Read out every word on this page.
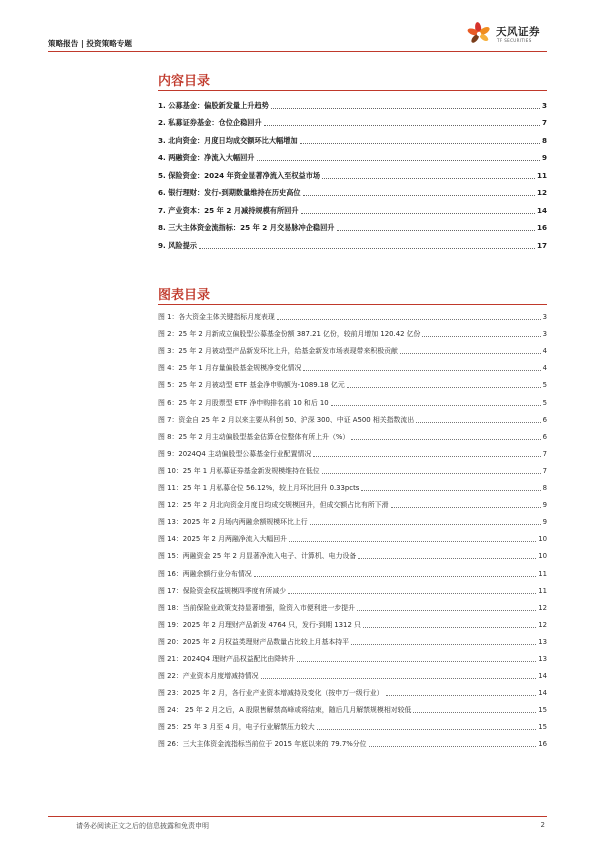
策略报告 | 投资策略专题
天风证券
TF SECURITIES
内容目录
1. 公募基金：偏股新发量上升趋势	3
2. 私募证券基金：仓位企稳回升	7
3. 北向资金：月度日均成交额环比大幅增加	8
4. 两融资金：净流入大幅回升	9
5. 保险资金：2024 年资金显著净流入至权益市场	11
6. 银行理财：发行-到期数量维持在历史高位	12
7. 产业资本：25 年 2 月减持规模有所回升	14
8. 三大主体资金流指标：25 年 2 月交易脉冲企稳回升	16
9. 风险提示	17
图表目录
图 1：各大资金主体关键指标月度表现	3
图 2：25 年 2 月新成立偏股型公募基金份额 387.21 亿份，较前月增加 120.42 亿份	3
图 3：25 年 2 月被动型产品新发环比上升，给基金新发市场表现带来积极贡献	4
图 4：25 年 1 月存量偏股基金规模净变化情况	4
图 5：25 年 2 月被动型 ETF 基金净申购额为-1089.18 亿元	5
图 6：25 年 2 月股票型 ETF 净申购排名前 10 和后 10	5
图 7：资金自 25 年 2 月以来主要从科创 50、沪深 300、中证 A500 相关指数流出	6
图 8：25 年 2 月主动偏股型基金估算仓位整体有所上升（%）	6
图 9：2024Q4 主动偏股型公募基金行业配置情况	7
图 10：25 年 1 月私募证券基金新发规模维持在低位	7
图 11：25 年 1 月私募仓位 56.12%，较上月环比回升 0.33pcts	8
图 12：25 年 2 月北向资金月度日均成交规模回升，但成交额占比有所下滑	9
图 13：2025 年 2 月场内两融余额规模环比上行	9
图 14：2025 年 2 月两融净流入大幅回升	10
图 15：两融资金 25 年 2 月显著净流入电子、计算机、电力设备	10
图 16：两融余额行业分布情况	11
图 17：保险资金权益规模四季度有所减少	11
图 18：当前保险业政策支持显著增强，险资入市便利进一步提升	12
图 19：2025 年 2 月理财产品新发 4764 只，发行-到期 1312 只	12
图 20：2025 年 2 月权益类理财产品数量占比较上月基本持平	13
图 21：2024Q4 理财产品权益配比由降转升	13
图 22：产业资本月度增减持情况	14
图 23：2025 年 2 月，各行业产业资本增减持及变化（按申万一级行业）	14
图 24： 25 年 2 月之后，A 股限售解禁高峰或将结束，随后几月解禁规模相对较低	15
图 25：25 年 3 月至 4 月，电子行业解禁压力较大	15
图 26：三大主体资金流指标当前位于 2015 年底以来的 79.7%分位	16
请务必阅读正文之后的信息披露和免责申明	2
